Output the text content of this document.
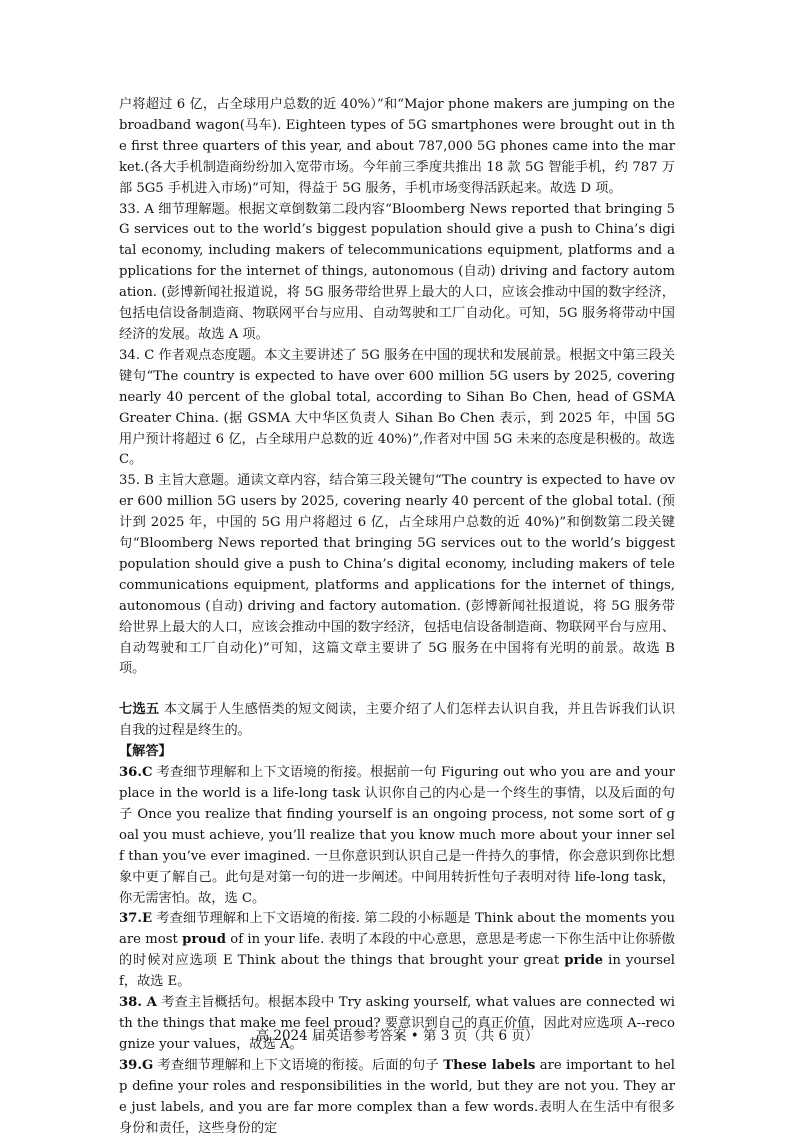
户将超过 6 亿，占全球用户总数的近 40%）”和“Major phone makers are jumping on the broadband wagon(马车). Eighteen types of 5G smartphones were brought out in the first three quarters of this year, and about 787,000 5G phones came into the market.(各大手机制造商纷纷加入宽带市场。今年前三季度共推出 18 款 5G 智能手机，约 787 万部 5G5 手机进入市场)”可知，得益于 5G 服务，手机市场变得活跃起来。故选 D 项。

33. A 细节理解题。根据文章倒数第二段内容“Bloomberg News reported that bringing 5G services out to the world’s biggest population should give a push to China’s digital economy, including makers of telecommunications equipment, platforms and applications for the internet of things, autonomous (自动) driving and factory automation. (彭博新闻社报道说，将 5G 服务带给世界上最大的人口，应该会推动中国的数字经济，包括电信设备制造商、物联网平台与应用、自动驾驶和工厂自动化。可知，5G 服务将带动中国经济的发展。故选 A 项。

34. C 作者观点态度题。本文主要讲述了 5G 服务在中国的现状和发展前景。根据文中第三段关键句“The country is expected to have over 600 million 5G users by 2025, covering nearly 40 percent of the global total, according to Sihan Bo Chen, head of GSMA Greater China. (据 GSMA 大中华区负责人 Sihan Bo Chen 表示，到 2025 年，中国 5G 用户预计将超过 6 亿，占全球用户总数的近 40%)”,作者对中国 5G 未来的态度是积极的。故选 C。

35. B 主旨大意题。通读文章内容，结合第三段关键句“The country is expected to have over 600 million 5G users by 2025, covering nearly 40 percent of the global total. (预计到 2025 年，中国的 5G 用户将超过 6 亿，占全球用户总数的近 40%)”和倒数第二段关键句“Bloomberg News reported that bringing 5G services out to the world’s biggest population should give a push to China’s digital economy, including makers of telecommunications equipment, platforms and applications for the internet of things, autonomous (自动) driving and factory automation. (彭博新闻社报道说，将 5G 服务带给世界上最大的人口，应该会推动中国的数字经济，包括电信设备制造商、物联网平台与应用、自动驾驶和工厂自动化)”可知，这篇文章主要讲了 5G 服务在中国将有光明的前景。故选 B 项。

七选五 本文属于人生感悟类的短文阅读，主要介绍了人们怎样去认识自我，并且告诉我们认识自我的过程是终生的。

【解答】

36.C 考查细节理解和上下文语境的衔接。根据前一句 Figuring out who you are and your place in the world is a life-long task 认识你自己的内心是一个终生的事情，以及后面的句子 Once you realize that finding yourself is an ongoing process, not some sort of goal you must achieve, you’ll realize that you know much more about your inner self than you’ve ever imagined. 一旦你意识到认识自己是一件持久的事情，你会意识到你比想象中更了解自己。此句是对第一句的进一步阐述。中间用转折性句子表明对待 life-long task，你无需害怕。故，选 C。

37.E 考查细节理解和上下文语境的衔接. 第二段的小标题是 Think about the moments you are most proud of in your life. 表明了本段的中心意思，意思是考虑一下你生活中让你骄傲的时候对应选项 E Think about the things that brought your great pride in yourself，故选 E。

38. A 考查主旨概括句。根据本段中 Try asking yourself, what values are connected with the things that make me feel proud? 要意识到自己的真正价值，因此对应选项 A--recognize your values，故选 A。

39.G 考查细节理解和上下文语境的衔接。后面的句子 These labels are important to help define your roles and responsibilities in the world, but they are not you. They are just labels, and you are far more complex than a few words.表明人在生活中有很多身份和责任，这些身份的定

高 2024 届英语参考答案 • 第 3 页（共 6 页）
